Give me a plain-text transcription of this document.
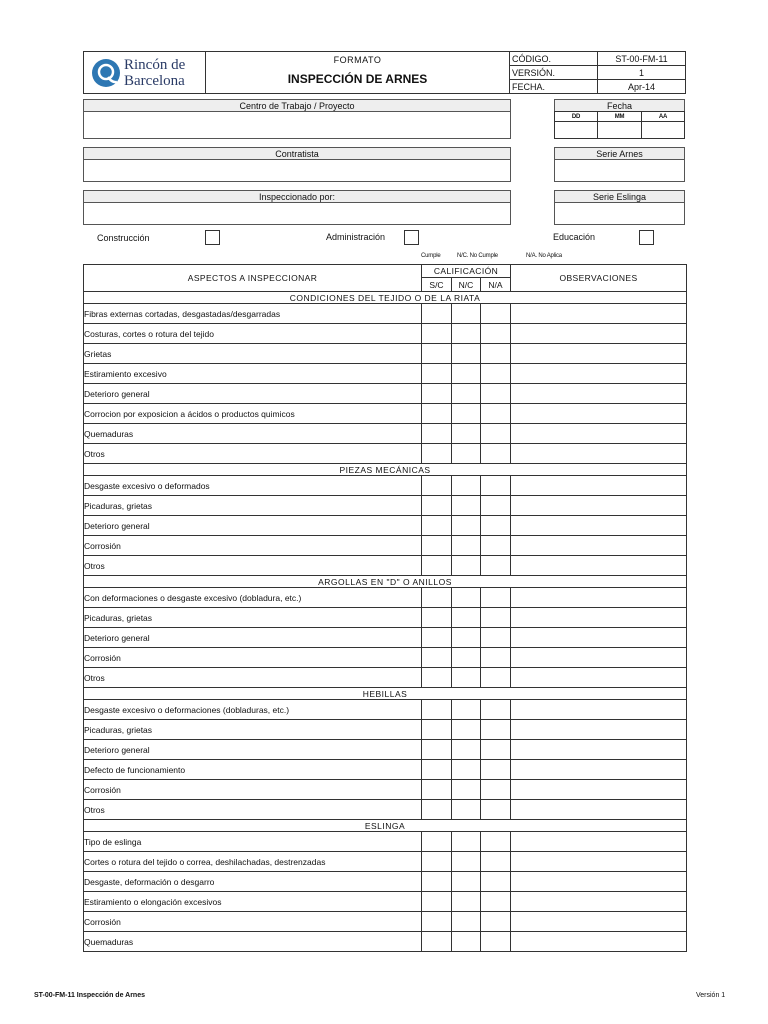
Rincón de
Barcelona
FORMATO
INSPECCIÓN DE ARNES
CÓDIGO.	ST-00-FM-11
VERSIÓN.	1
FECHA.	Apr-14
Centro de Trabajo / Proyecto	Fecha
DD	MM	AA
Contratista	Serie Arnes
Inspeccionado por:	Serie Eslinga
Construcción	Administración	Educación
Cumple	N/C. No Cumple	N/A. No Aplica
ASPECTOS A INSPECCIONAR	CALIFICACIÓN			OBSERVACIONES
	S/C	N/C	N/A	
CONDICIONES DEL TEJIDO O DE LA RIATA				
Fibras externas cortadas, desgastadas/desgarradas				
Costuras, cortes o rotura del tejido				
Grietas				
Estiramiento excesivo				
Deterioro general				
Corrocion por exposicion a ácidos o productos quimicos				
Quemaduras				
Otros				
PIEZAS MECÁNICAS				
Desgaste excesivo o deformados				
Picaduras, grietas				
Deterioro general				
Corrosión				
Otros				
ARGOLLAS EN "D" O ANILLOS				
Con deformaciones o desgaste excesivo (dobladura, etc.)				
Picaduras, grietas				
Deterioro general				
Corrosión				
Otros				
HEBILLAS				
Desgaste excesivo o deformaciones (dobladuras, etc.)				
Picaduras, grietas				
Deterioro general				
Defecto de funcionamiento				
Corrosión				
Otros				
ESLINGA				
Tipo de eslinga				
Cortes o rotura del tejido o correa, deshilachadas, destrenzadas				
Desgaste, deformación o desgarro				
Estiramiento o elongación excesivos				
Corrosión				
Quemaduras				
ST-00-FM-11 Inspección de Arnes	Versión 1
